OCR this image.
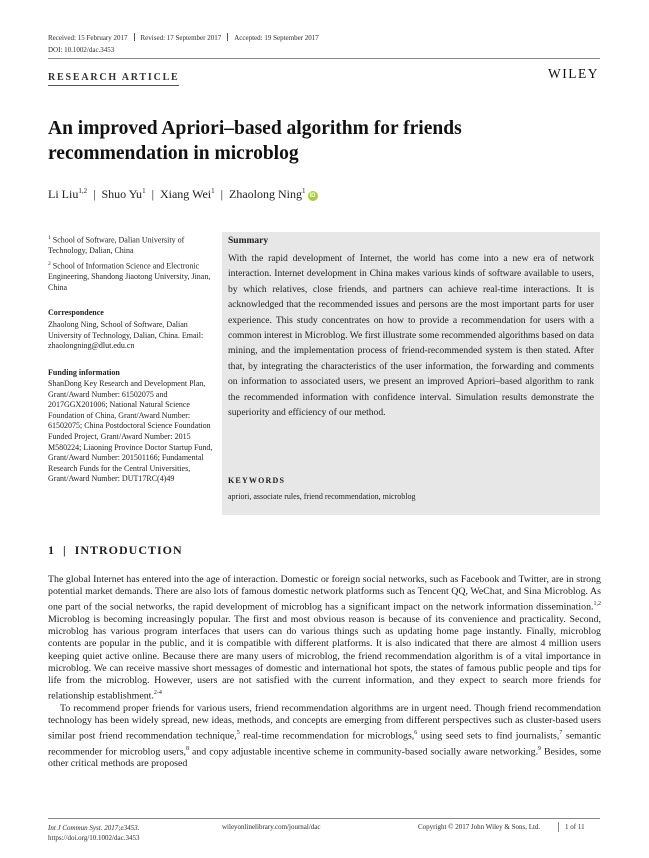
Received: 15 February 2017 Revised: 17 September 2017 Accepted: 19 September 2017
DOI: 10.1002/dac.3453
RESEARCH ARTICLE	WILEY
An improved Apriori–based algorithm for friends recommendation in microblog
Li Liu$^{1,2}$ | Shuo Yu$^1$ | Xiang Wei$^1$ | Zhaolong Ning$^1$iD
$^1$ School of Software, Dalian University of Technology, Dalian, China
$^2$ School of Information Science and Electronic Engineering, Shandong Jiaotong University, Jinan, China
Correspondence
Zhaolong Ning, School of Software, Dalian University of Technology, Dalian, China. Email: zhaolongning@dlut.edu.cn
Funding information
ShanDong Key Research and Development Plan, Grant/Award Number: 61502075 and 2017GGX201006; National Natural Science Foundation of China, Grant/Award Number: 61502075; China Postdoctoral Science Foundation Funded Project, Grant/Award Number: 2015 M580224; Liaoning Province Doctor Startup Fund, Grant/Award Number: 201501166; Fundamental Research Funds for the Central Universities, Grant/Award Number: DUT17RC(4)49
Summary
With the rapid development of Internet, the world has come into a new era of network interaction. Internet development in China makes various kinds of software available to users, by which relatives, close friends, and partners can achieve real-time interactions. It is acknowledged that the recommended issues and persons are the most important parts for user experience. This study concentrates on how to provide a recommendation for users with a common interest in Microblog. We first illustrate some recommended algorithms based on data mining, and the implementation process of friend-recommended system is then stated. After that, by integrating the characteristics of the user information, the forwarding and comments on information to associated users, we present an improved Apriori–based algorithm to rank the recommended information with confidence interval. Simulation results demonstrate the superiority and efficiency of our method.
KEYWORDS
apriori, associate rules, friend recommendation, microblog
1  |  INTRODUCTION

The global Internet has entered into the age of interaction. Domestic or foreign social networks, such as Facebook and Twitter, are in strong potential market demands. There are also lots of famous domestic network platforms such as Tencent QQ, WeChat, and Sina Microblog. As one part of the social networks, the rapid development of microblog has a significant impact on the network information dissemination.$^{1,2}$ Microblog is becoming increasingly popular. The first and most obvious reason is because of its convenience and practicality. Second, microblog has various program interfaces that users can do various things such as updating home page instantly. Finally, microblog contents are popular in the public, and it is compatible with different platforms. It is also indicated that there are almost 4 million users keeping quiet active online. Because there are many users of microblog, the friend recommendation algorithm is of a vital importance in microblog. We can receive massive short messages of domestic and international hot spots, the states of famous public people and tips for life from the microblog. However, users are not satisfied with the current information, and they expect to search more friends for relationship establishment.$^{2-4}$

To recommend proper friends for various users, friend recommendation algorithms are in urgent need. Though friend recommendation technology has been widely spread, new ideas, methods, and concepts are emerging from different perspectives such as cluster-based users similar post friend recommendation technique,$^5$ real-time recommendation for microblogs,$^6$ using seed sets to find journalists,$^7$ semantic recommender for microblog users,$^8$ and copy adjustable incentive scheme in community-based socially aware networking.$^9$ Besides, some other critical methods are proposed

Int J Commun Syst. 2017;e3453.
https://doi.org/10.1002/dac.3453
wileyonlinelibrary.com/journal/dac	Copyright © 2017 John Wiley & Sons, Ltd.	1 of 11
